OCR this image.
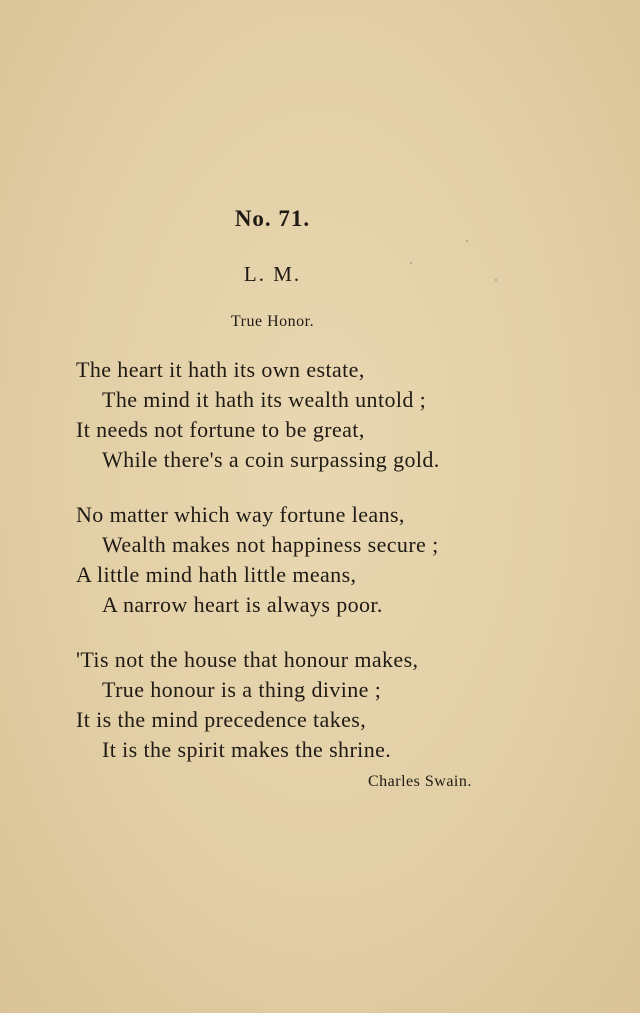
No. 71.
L. M.
True Honor.
The heart it hath its own estate,
The mind it hath its wealth untold ;
It needs not fortune to be great,
While there's a coin surpassing gold.
No matter which way fortune leans,
Wealth makes not happiness secure ;
A little mind hath little means,
A narrow heart is always poor.
'Tis not the house that honour makes,
True honour is a thing divine ;
It is the mind precedence takes,
It is the spirit makes the shrine.
Charles Swain.
